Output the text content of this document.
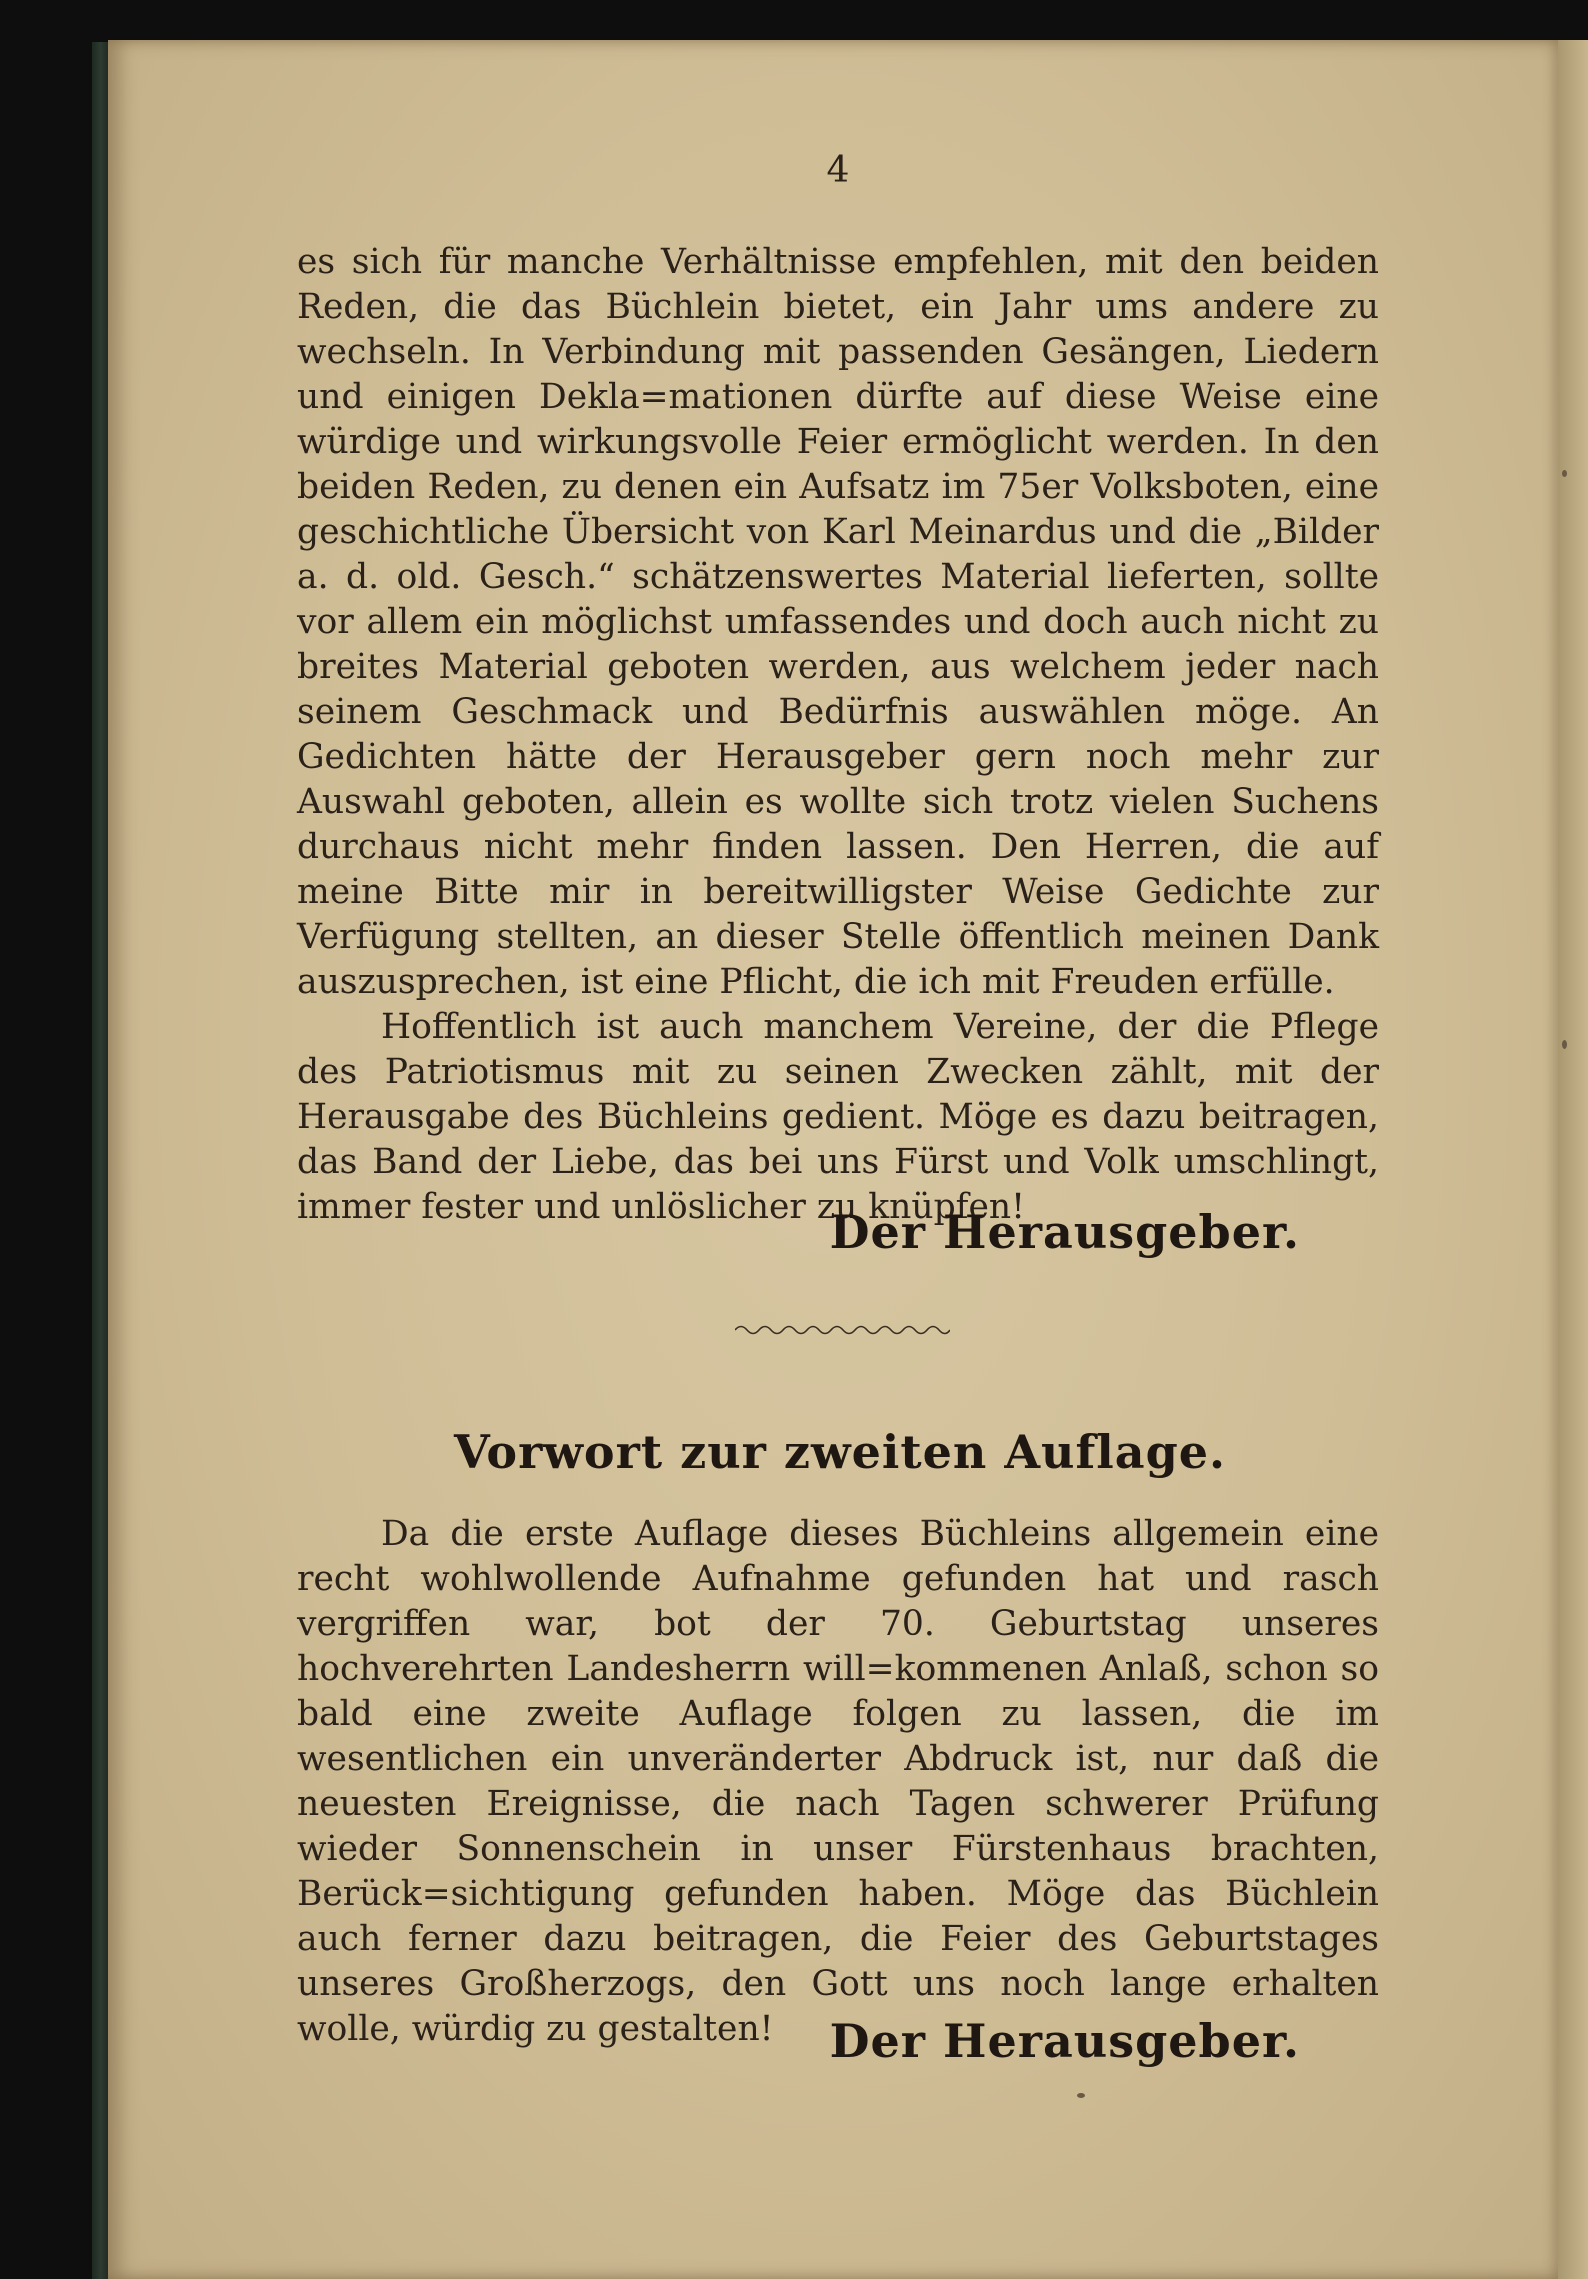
4

es sich für manche Verhältnisse empfehlen, mit den beiden Reden, die das Büchlein bietet, ein Jahr ums andere zu wechseln. In Verbindung mit passenden Gesängen, Liedern und einigen Dekla=mationen dürfte auf diese Weise eine würdige und wirkungsvolle Feier ermöglicht werden. In den beiden Reden, zu denen ein Aufsatz im 75er Volksboten, eine geschichtliche Übersicht von Karl Meinardus und die „Bilder a. d. old. Gesch.“ schätzenswertes Material lieferten, sollte vor allem ein möglichst umfassendes und doch auch nicht zu breites Material geboten werden, aus welchem jeder nach seinem Geschmack und Bedürfnis auswählen möge. An Gedichten hätte der Herausgeber gern noch mehr zur Auswahl geboten, allein es wollte sich trotz vielen Suchens durchaus nicht mehr finden lassen. Den Herren, die auf meine Bitte mir in bereitwilligster Weise Gedichte zur Verfügung stellten, an dieser Stelle öffentlich meinen Dank auszusprechen, ist eine Pflicht, die ich mit Freuden erfülle.

Hoffentlich ist auch manchem Vereine, der die Pflege des Patriotismus mit zu seinen Zwecken zählt, mit der Herausgabe des Büchleins gedient. Möge es dazu beitragen, das Band der Liebe, das bei uns Fürst und Volk umschlingt, immer fester und unlöslicher zu knüpfen!

Der Herausgeber.
Vorwort zur zweiten Auflage.

Da die erste Auflage dieses Büchleins allgemein eine recht wohlwollende Aufnahme gefunden hat und rasch vergriffen war, bot der 70. Geburtstag unseres hochverehrten Landesherrn will=kommenen Anlaß, schon so bald eine zweite Auflage folgen zu lassen, die im wesentlichen ein unveränderter Abdruck ist, nur daß die neuesten Ereignisse, die nach Tagen schwerer Prüfung wieder Sonnenschein in unser Fürstenhaus brachten, Berück=sichtigung gefunden haben. Möge das Büchlein auch ferner dazu beitragen, die Feier des Geburtstages unseres Großherzogs, den Gott uns noch lange erhalten wolle, würdig zu gestalten!	Der Herausgeber.
